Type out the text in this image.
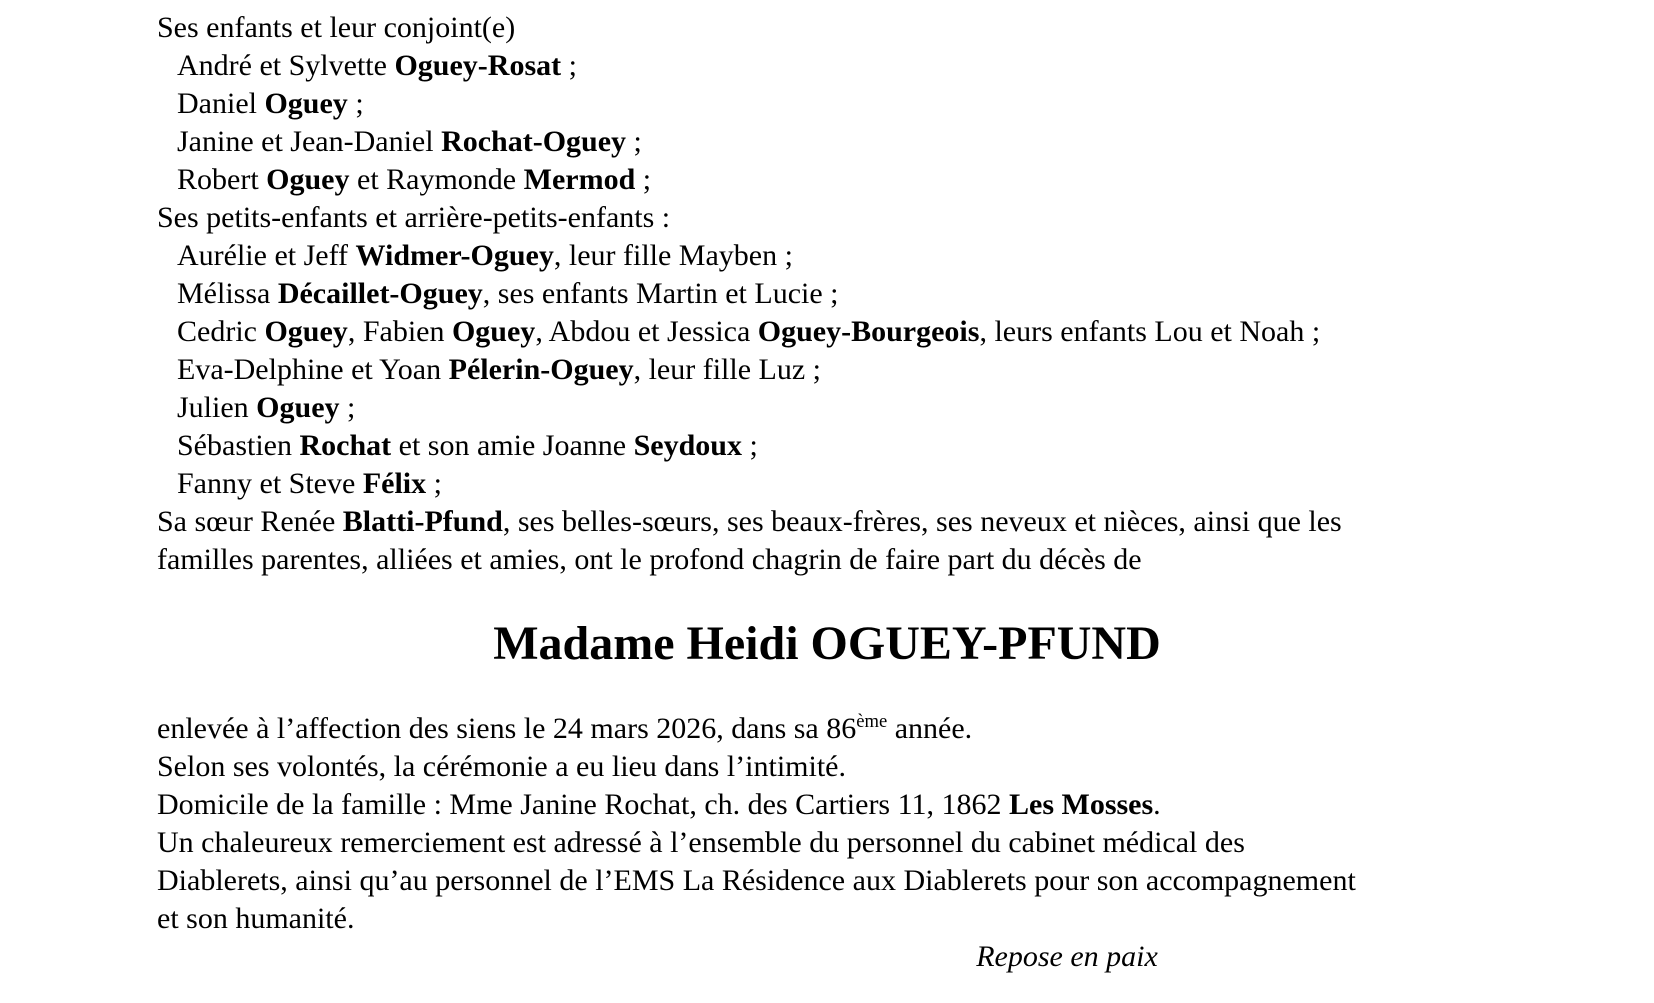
Ses enfants et leur conjoint(e)
André et Sylvette Oguey-Rosat ;
Daniel Oguey ;
Janine et Jean-Daniel Rochat-Oguey ;
Robert Oguey et Raymonde Mermod ;
Ses petits-enfants et arrière-petits-enfants :
Aurélie et Jeff Widmer-Oguey, leur fille Mayben ;
Mélissa Décaillet-Oguey, ses enfants Martin et Lucie ;
Cedric Oguey, Fabien Oguey, Abdou et Jessica Oguey-Bourgeois, leurs enfants Lou et Noah ;
Eva-Delphine et Yoan Pélerin-Oguey, leur fille Luz ;
Julien Oguey ;
Sébastien Rochat et son amie Joanne Seydoux ;
Fanny et Steve Félix ;
Sa sœur Renée Blatti-Pfund, ses belles-sœurs, ses beaux-frères, ses neveux et nièces, ainsi que les
familles parentes, alliées et amies, ont le profond chagrin de faire part du décès de
Madame Heidi OGUEY-PFUND
enlevée à l’affection des siens le 24 mars 2026, dans sa 86ème année.
Selon ses volontés, la cérémonie a eu lieu dans l’intimité.
Domicile de la famille : Mme Janine Rochat, ch. des Cartiers 11, 1862 Les Mosses.
Un chaleureux remerciement est adressé à l’ensemble du personnel du cabinet médical des
Diablerets, ainsi qu’au personnel de l’EMS La Résidence aux Diablerets pour son accompagnement
et son humanité.
Repose en paix
